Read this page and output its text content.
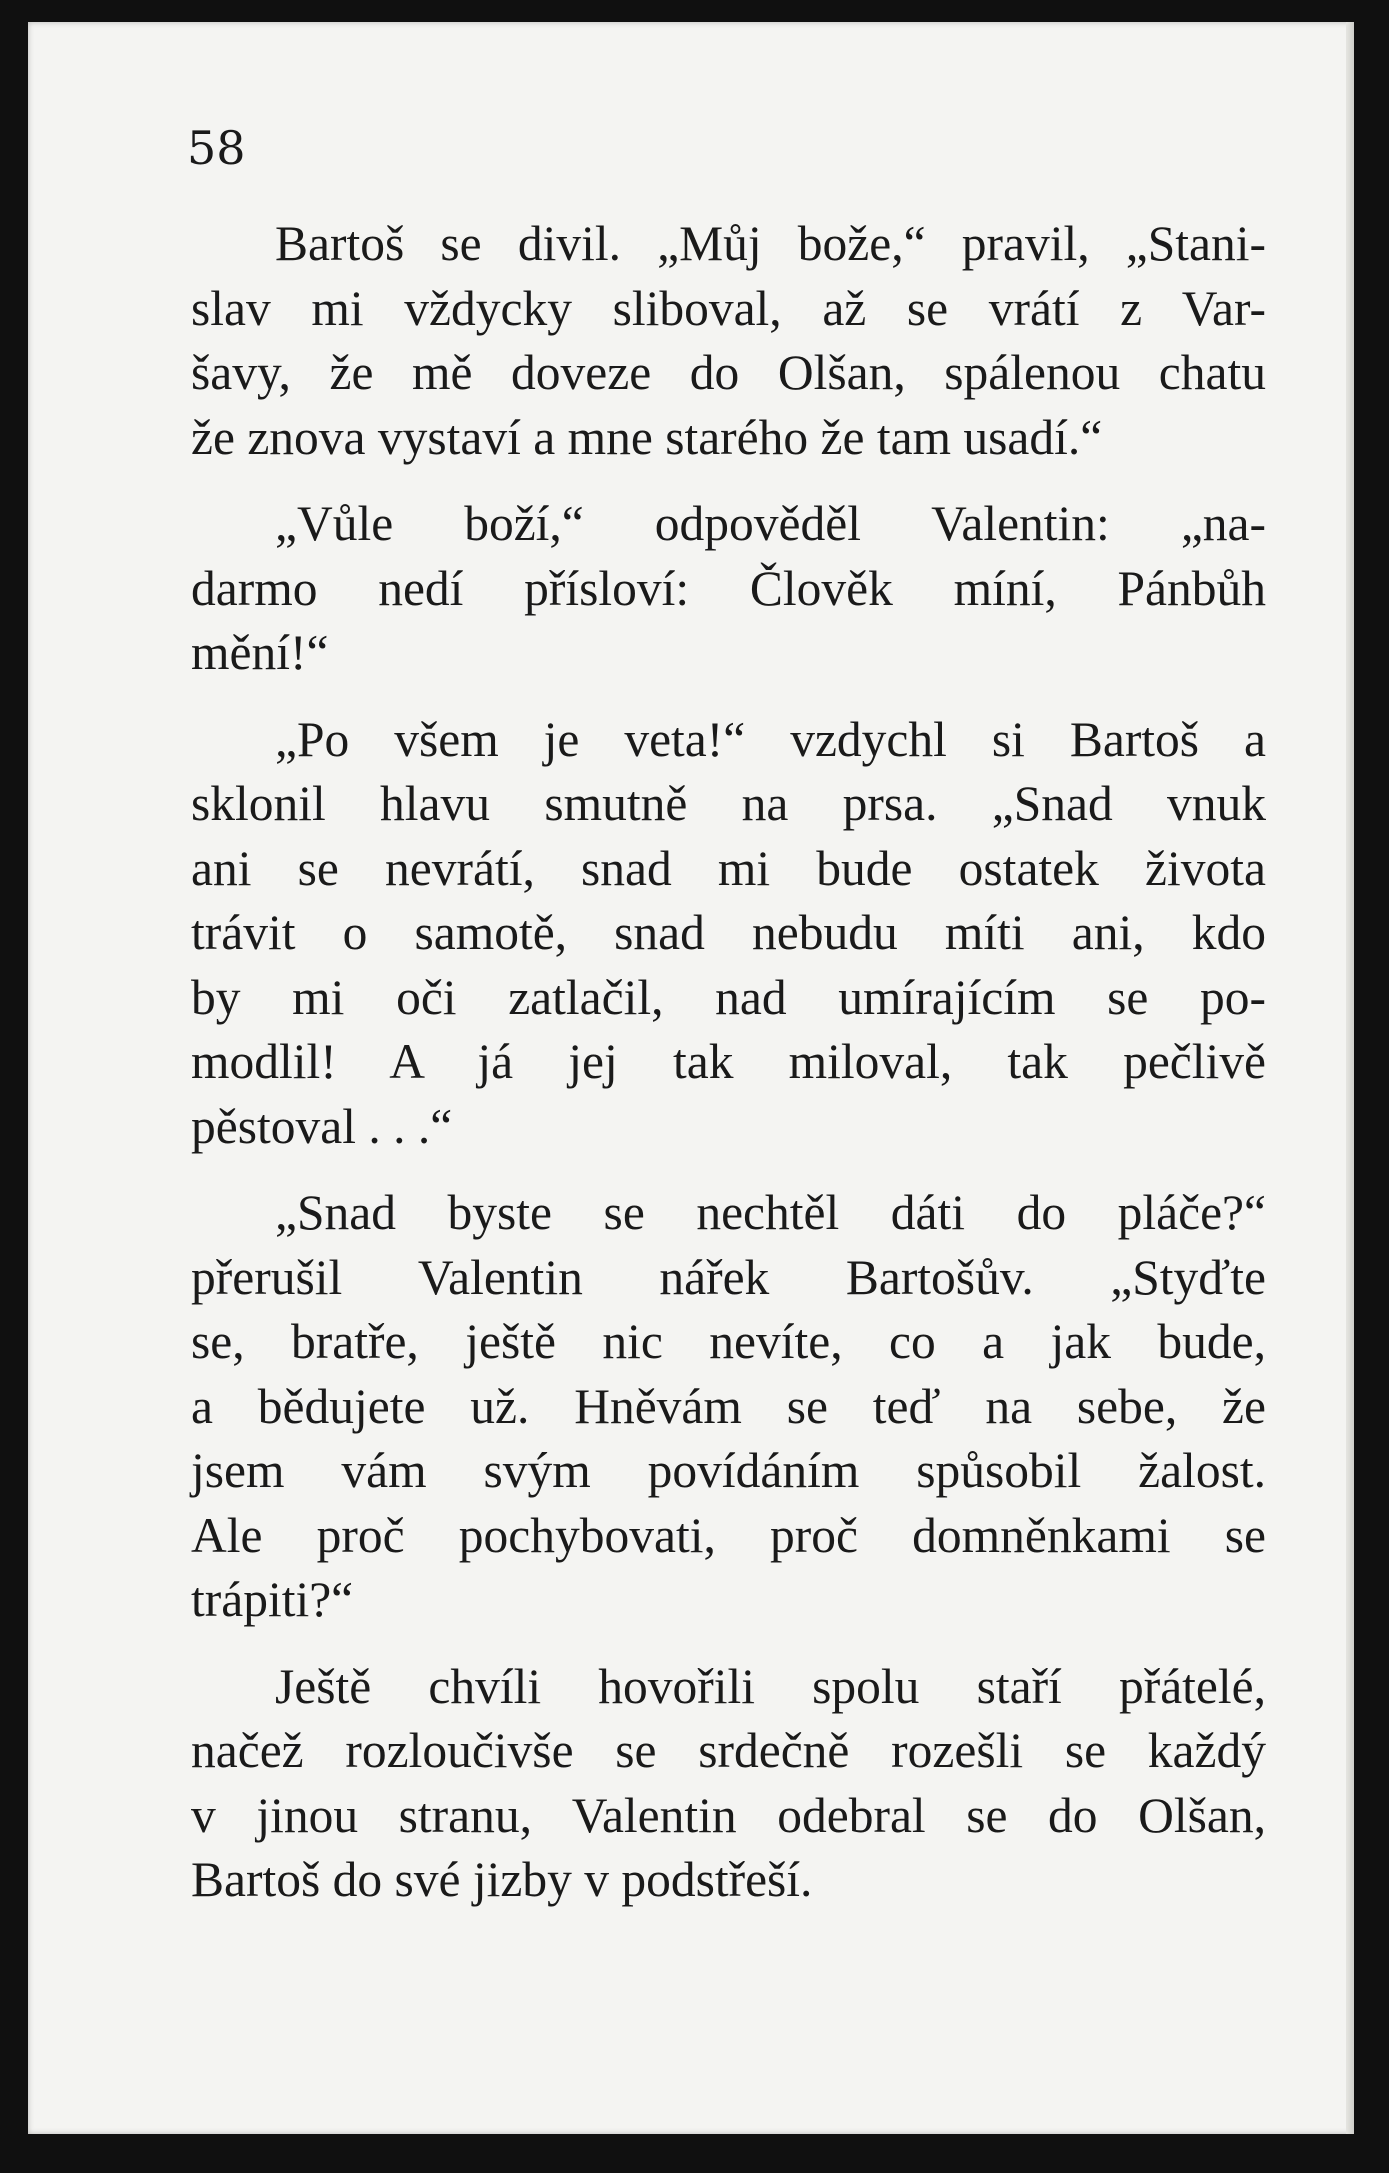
58

Bartoš se divil. „Můj bože,“ pravil, „Stani-
slav mi vždycky sliboval, až se vrátí z Var-
šavy, že mě doveze do Olšan, spálenou chatu
že znova vystaví a mne starého že tam usadí.“

„Vůle boží,“ odpověděl Valentin: „na-
darmo nedí přísloví: Člověk míní, Pánbůh
mění!“

„Po všem je veta!“ vzdychl si Bartoš a
sklonil hlavu smutně na prsa. „Snad vnuk
ani se nevrátí, snad mi bude ostatek života
trávit o samotě, snad nebudu míti ani, kdo
by mi oči zatlačil, nad umírajícím se po-
modlil! A já jej tak miloval, tak pečlivě
pěstoval . . .“

„Snad byste se nechtěl dáti do pláče?“
přerušil Valentin nářek Bartošův. „Styďte
se, bratře, ještě nic nevíte, co a jak bude,
a bědujete už. Hněvám se teď na sebe, že
jsem vám svým povídáním spůsobil žalost.
Ale proč pochybovati, proč domněnkami se
trápiti?“

Ještě chvíli hovořili spolu staří přátelé,
načež rozloučivše se srdečně rozešli se každý
v jinou stranu, Valentin odebral se do Olšan,
Bartoš do své jizby v podstřeší.
